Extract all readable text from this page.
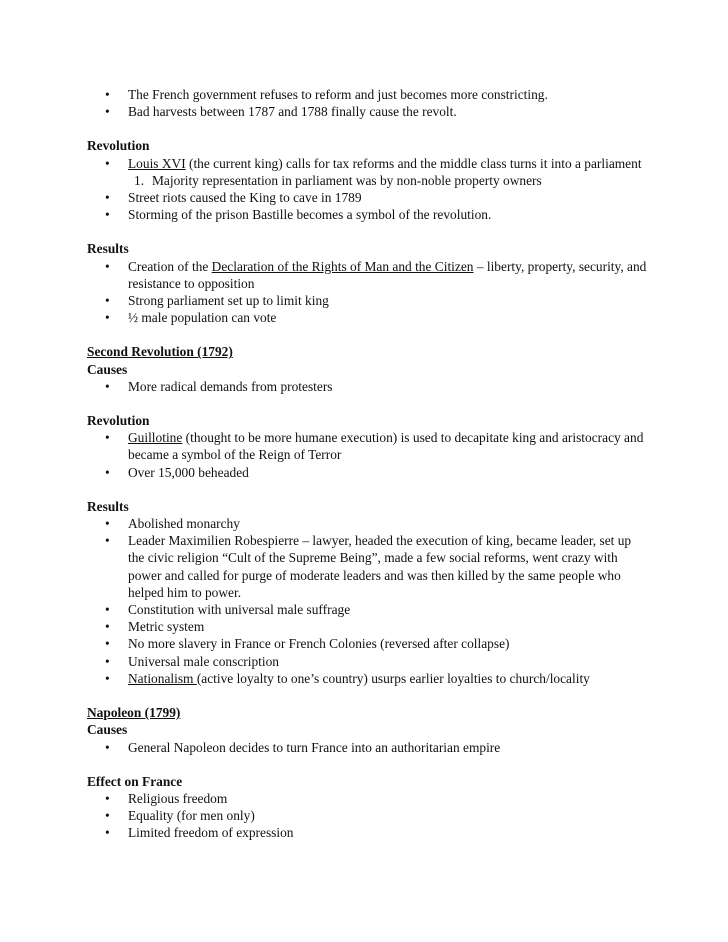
• The French government refuses to reform and just becomes more constricting.
• Bad harvests between 1787 and 1788 finally cause the revolt.
Revolution
• Louis XVI (the current king) calls for tax reforms and the middle class turns it into a parliament
1. Majority representation in parliament was by non-noble property owners
• Street riots caused the King to cave in 1789
• Storming of the prison Bastille becomes a symbol of the revolution.
Results
• Creation of the Declaration of the Rights of Man and the Citizen – liberty, property, security, and resistance to opposition
• Strong parliament set up to limit king
• ½ male population can vote
Second Revolution (1792)
Causes
• More radical demands from protesters
Revolution
• Guillotine (thought to be more humane execution) is used to decapitate king and aristocracy and became a symbol of the Reign of Terror
• Over 15,000 beheaded
Results
• Abolished monarchy
• Leader Maximilien Robespierre – lawyer, headed the execution of king, became leader, set up the civic religion “Cult of the Supreme Being”, made a few social reforms, went crazy with power and called for purge of moderate leaders and was then killed by the same people who helped him to power.
• Constitution with universal male suffrage
• Metric system
• No more slavery in France or French Colonies (reversed after collapse)
• Universal male conscription
• Nationalism (active loyalty to one’s country) usurps earlier loyalties to church/locality
Napoleon (1799)
Causes
• General Napoleon decides to turn France into an authoritarian empire
Effect on France
• Religious freedom
• Equality (for men only)
• Limited freedom of expression
